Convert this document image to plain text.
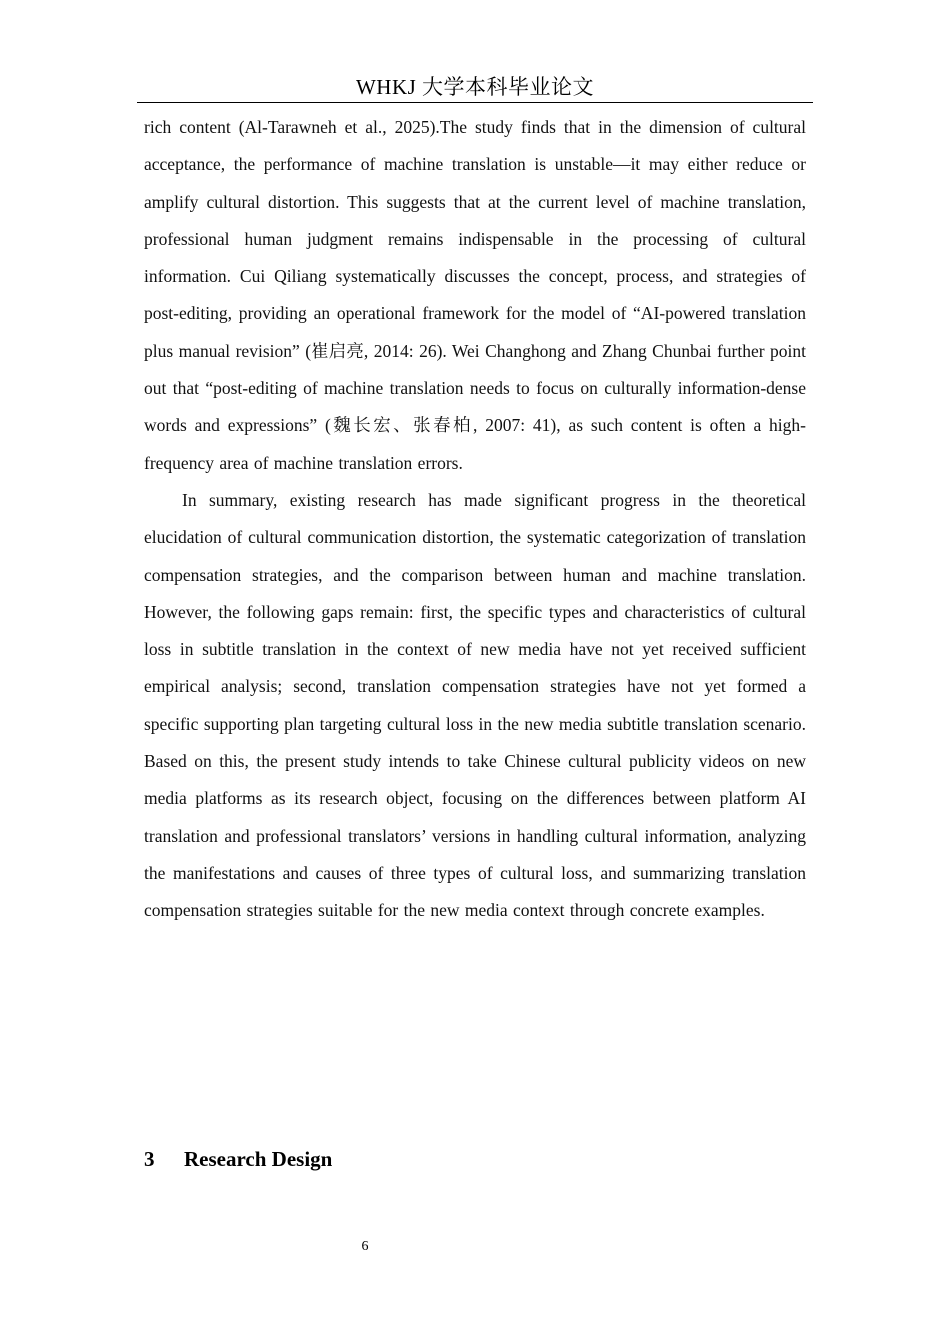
WHKJ 大学本科毕业论文

rich content (Al-Tarawneh et al., 2025).The study finds that in the dimension of cultural acceptance, the performance of machine translation is unstable—it may either reduce or amplify cultural distortion. This suggests that at the current level of machine translation, professional human judgment remains indispensable in the processing of cultural information. Cui Qiliang systematically discusses the concept, process, and strategies of post-editing, providing an operational framework for the model of “AI-powered translation plus manual revision” (崔启亮, 2014: 26). Wei Changhong and Zhang Chunbai further point out that “post-editing of machine translation needs to focus on culturally information-dense words and expressions” (魏长宏、张春柏, 2007: 41), as such content is often a high-frequency area of machine translation errors.

In summary, existing research has made significant progress in the theoretical elucidation of cultural communication distortion, the systematic categorization of translation compensation strategies, and the comparison between human and machine translation. However, the following gaps remain: first, the specific types and characteristics of cultural loss in subtitle translation in the context of new media have not yet received sufficient empirical analysis; second, translation compensation strategies have not yet formed a specific supporting plan targeting cultural loss in the new media subtitle translation scenario. Based on this, the present study intends to take Chinese cultural publicity videos on new media platforms as its research object, focusing on the differences between platform AI translation and professional translators’ versions in handling cultural information, analyzing the manifestations and causes of three types of cultural loss, and summarizing translation compensation strategies suitable for the new media context through concrete examples.

3 Research Design
6
